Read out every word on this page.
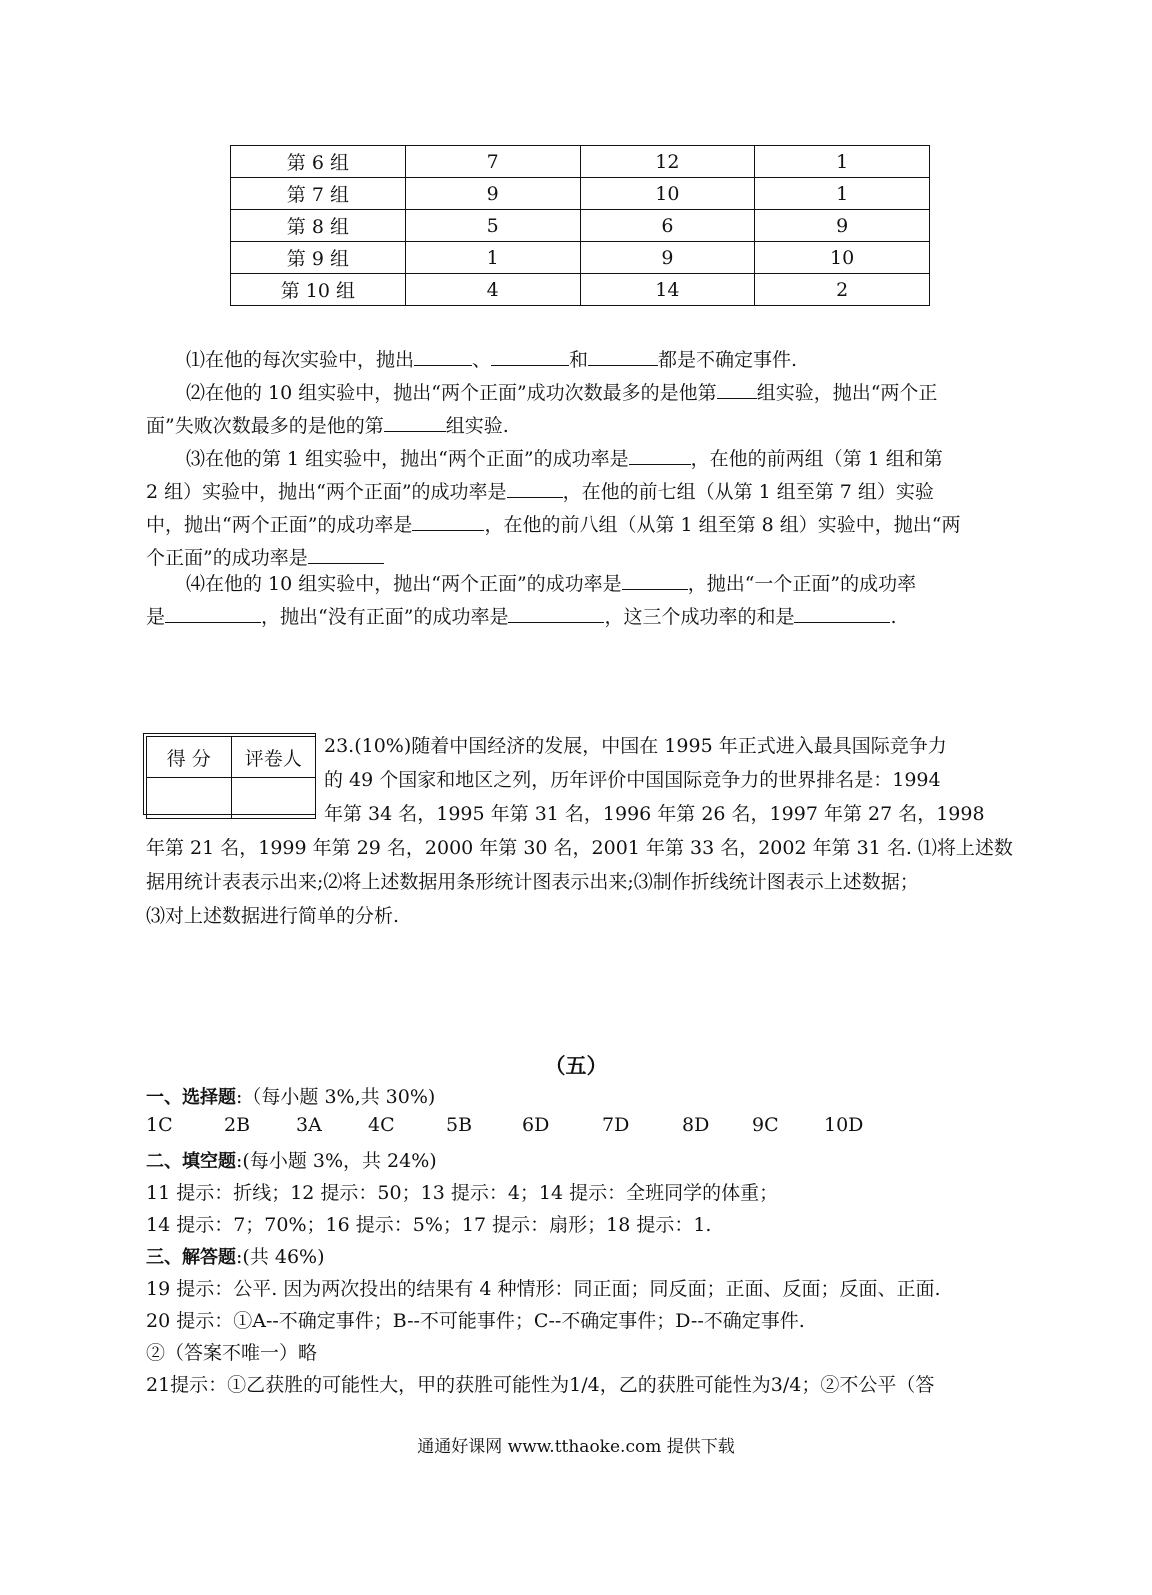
第 6 组	7	12	1
第 7 组	9	10	1
第 8 组	5	6	9
第 9 组	1	9	10
第 10 组	4	14	2
⑴在他的每次实验中，抛出	、	和	都是不确定事件.
⑵在他的 10 组实验中，抛出“两个正面”成功次数最多的是他第 组实验，抛出“两个正
面”失败次数最多的是他的第	组实验.
⑶在他的第 1 组实验中，抛出“两个正面”的成功率是	，在他的前两组（第 1 组和第
2 组）实验中，抛出“两个正面”的成功率是	，在他的前七组（从第 1 组至第 7 组）实验
中，抛出“两个正面”的成功率是	，在他的前八组（从第 1 组至第 8 组）实验中，抛出“两
个正面”的成功率是
⑷在他的 10 组实验中，抛出“两个正面”的成功率是	，抛出“一个正面”的成功率
是	，抛出“没有正面”的成功率是	，这三个成功率的和是	.
得 分	评卷人

23.(10%)随着中国经济的发展，中国在 1995 年正式进入最具国际竞争力
的 49 个国家和地区之列，历年评价中国国际竞争力的世界排名是：1994
年第 34 名，1995 年第 31 名，1996 年第 26 名，1997 年第 27 名，1998
年第 21 名，1999 年第 29 名，2000 年第 30 名，2001 年第 33 名，2002 年第 31 名. ⑴将上述数
据用统计表表示出来;⑵将上述数据用条形统计图表示出来;⑶制作折线统计图表示上述数据；
⑶对上述数据进行简单的分析.
（五）
一、选择题:（每小题 3%,共 30%)
1C	2B 3A 4C	5B	6D	7D	8D 9C 10D
二、填空题:(每小题 3%，共 24%)
11 提示：折线；12 提示：50；13 提示：4；14 提示：全班同学的体重；
14 提示：7；70%；16 提示：5%；17 提示：扇形；18 提示：1.
三、解答题:(共 46%)
19 提示：公平. 因为两次投出的结果有 4 种情形：同正面；同反面；正面、反面；反面、正面.
20 提示：①A--不确定事件；B--不可能事件；C--不确定事件；D--不确定事件.
②（答案不唯一）略
21提示：①乙获胜的可能性大，甲的获胜可能性为1/4，乙的获胜可能性为3/4；②不公平（答
通通好课网 www.tthaoke.com 提供下载
